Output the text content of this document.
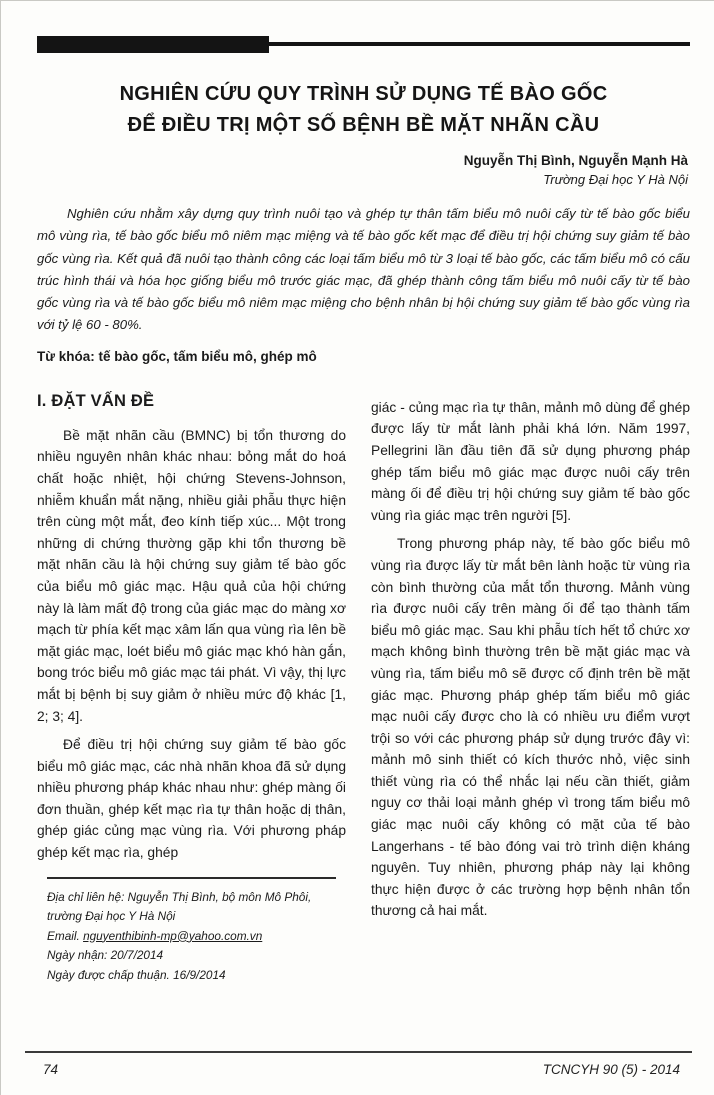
NGHIÊN CỨU QUY TRÌNH SỬ DỤNG TẾ BÀO GỐC
ĐỂ ĐIỀU TRỊ MỘT SỐ BỆNH BỀ MẶT NHÃN CẦU
Nguyễn Thị Bình, Nguyễn Mạnh Hà
Trường Đại học Y Hà Nội

Nghiên cứu nhằm xây dựng quy trình nuôi tạo và ghép tự thân tấm biểu mô nuôi cấy từ tế bào gốc biểu mô vùng rìa, tế bào gốc biểu mô niêm mạc miệng và tế bào gốc kết mạc để điều trị hội chứng suy giảm tế bào gốc vùng rìa. Kết quả đã nuôi tạo thành công các loại tấm biểu mô từ 3 loại tế bào gốc, các tấm biểu mô có cấu trúc hình thái và hóa học giống biểu mô trước giác mạc, đã ghép thành công tấm biểu mô nuôi cấy từ tế bào gốc vùng rìa và tế bào gốc biểu mô niêm mạc miệng cho bệnh nhân bị hội chứng suy giảm tế bào gốc vùng rìa với tỷ lệ 60 - 80%.

Từ khóa: tế bào gốc, tấm biểu mô, ghép mô

I. ĐẶT VẤN ĐỀ

Bề mặt nhãn cầu (BMNC) bị tổn thương do nhiều nguyên nhân khác nhau: bỏng mắt do hoá chất hoặc nhiệt, hội chứng Stevens-Johnson, nhiễm khuẩn mắt nặng, nhiều giải phẫu thực hiện trên cùng một mắt, đeo kính tiếp xúc... Một trong những di chứng thường gặp khi tổn thương bề mặt nhãn cầu là hội chứng suy giảm tế bào gốc của biểu mô giác mạc. Hậu quả của hội chứng này là làm mất độ trong của giác mạc do màng xơ mạch từ phía kết mạc xâm lấn qua vùng rìa lên bề mặt giác mạc, loét biểu mô giác mạc khó hàn gắn, bong tróc biểu mô giác mạc tái phát. Vì vậy, thị lực mắt bị bệnh bị suy giảm ở nhiều mức độ khác [1, 2; 3; 4].

Để điều trị hội chứng suy giảm tế bào gốc biểu mô giác mạc, các nhà nhãn khoa đã sử dụng nhiều phương pháp khác nhau như: ghép màng ối đơn thuần, ghép kết mạc rìa tự thân hoặc dị thân, ghép giác củng mạc vùng rìa. Với phương pháp ghép kết mạc rìa, ghép

Địa chỉ liên hệ: Nguyễn Thị Bình, bộ môn Mô Phôi, trường Đại học Y Hà Nội

Email. nguyenthibinh-mp@yahoo.com.vn

Ngày nhận: 20/7/2014

Ngày được chấp thuận. 16/9/2014

giác - củng mạc rìa tự thân, mảnh mô dùng để ghép được lấy từ mắt lành phải khá lớn. Năm 1997, Pellegrini lần đầu tiên đã sử dụng phương pháp ghép tấm biểu mô giác mạc được nuôi cấy trên màng ối để điều trị hội chứng suy giảm tế bào gốc vùng rìa giác mạc trên người [5].

Trong phương pháp này, tế bào gốc biểu mô vùng rìa được lấy từ mắt bên lành hoặc từ vùng rìa còn bình thường của mắt tổn thương. Mảnh vùng rìa được nuôi cấy trên màng ối để tạo thành tấm biểu mô giác mạc. Sau khi phẫu tích hết tổ chức xơ mạch không bình thường trên bề mặt giác mạc và vùng rìa, tấm biểu mô sẽ được cố định trên bề mặt giác mạc. Phương pháp ghép tấm biểu mô giác mạc nuôi cấy được cho là có nhiều ưu điểm vượt trội so với các phương pháp sử dụng trước đây vì: mảnh mô sinh thiết có kích thước nhỏ, việc sinh thiết vùng rìa có thể nhắc lại nếu cần thiết, giảm nguy cơ thải loại mảnh ghép vì trong tấm biểu mô giác mạc nuôi cấy không có mặt của tế bào Langerhans - tế bào đóng vai trò trình diện kháng nguyên. Tuy nhiên, phương pháp này lại không thực hiện được ở các trường hợp bệnh nhân tổn thương cả hai mắt.

74	TCNCYH 90 (5) - 2014
